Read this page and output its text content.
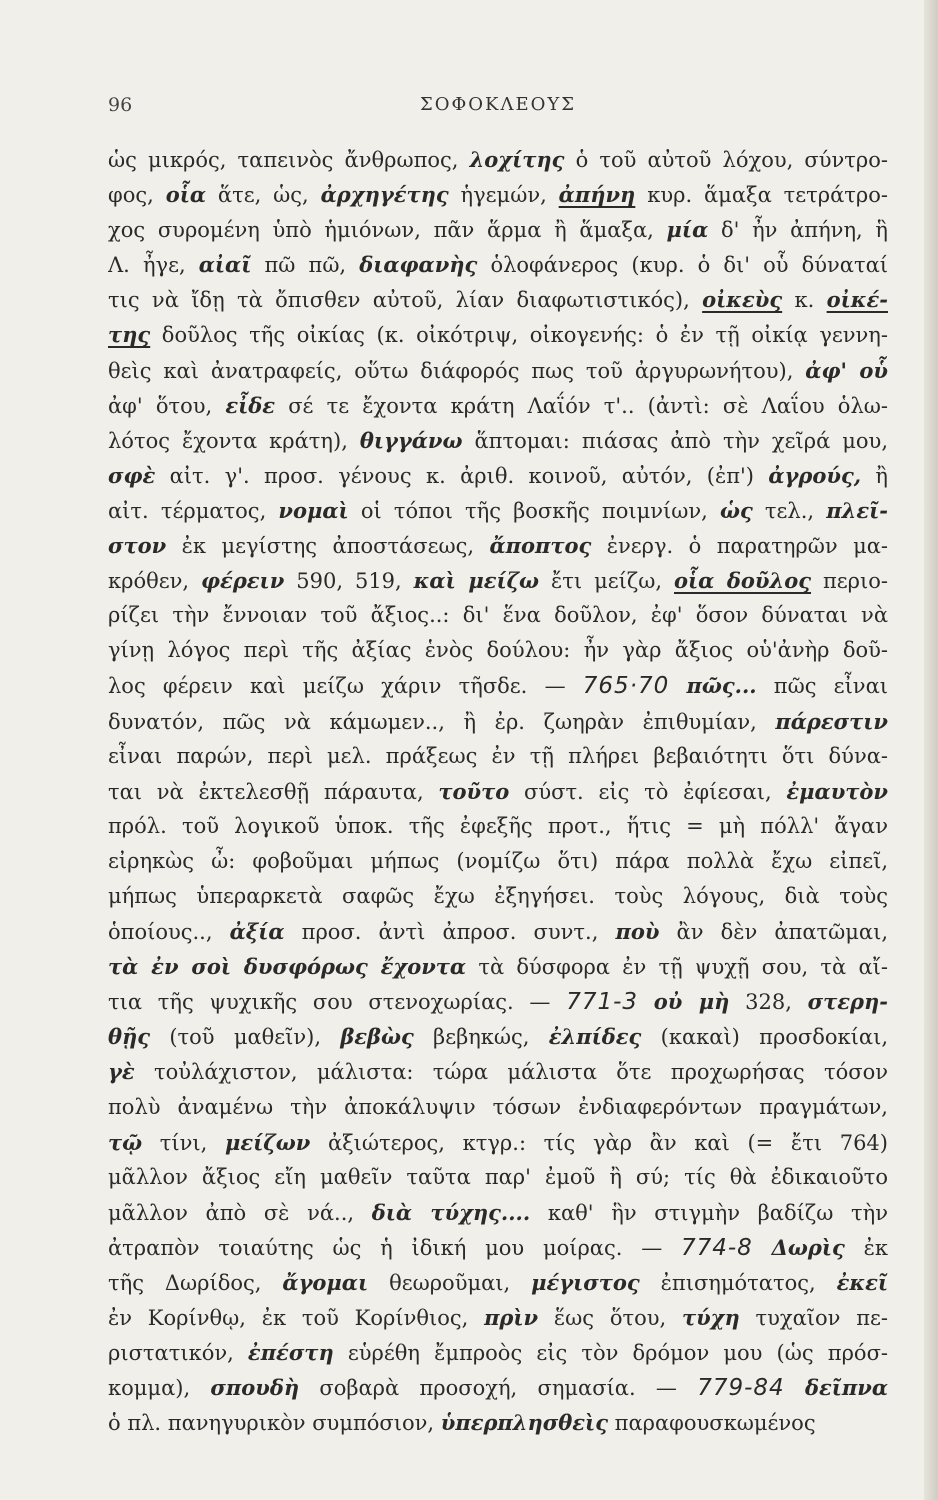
96	ΣΟΦΟΚΛΕΟΥΣ
ὡς μικρός, ταπεινὸς ἄνθρωπος, λοχίτης ὁ τοῦ αὐτοῦ λόχου, σύντρο-
φος, οἷα ἅτε, ὡς, ἀρχηγέτης ἡγεμών, ἀπήνη κυρ. ἅμαξα τετράτρο-
χος συρομένη ὑπὸ ἡμιόνων, πᾶν ἅρμα ἢ ἅμαξα, μία δ' ἦν ἀπήνη, ἣ
Λ. ἦγε, αἰαῖ πῶ πῶ, διαφανὴς ὁλοφάνερος (κυρ. ὁ δι' οὗ δύναταί
τις νὰ ἴδῃ τὰ ὄπισθεν αὐτοῦ, λίαν διαφωτιστικός), οἰκεὺς κ. οἰκέ-
της δοῦλος τῆς οἰκίας (κ. οἰκότριψ, οἰκογενής: ὁ ἐν τῇ οἰκίᾳ γεννη-
θεὶς καὶ ἀνατραφείς, οὕτω διάφορός πως τοῦ ἀργυρωνήτου), ἀφ' οὗ
ἀφ' ὅτου, εἶδε σέ τε ἔχοντα κράτη Λαΐόν τ'.. (ἀντὶ: σὲ Λαΐου ὁλω-
λότος ἔχοντα κράτη), θιγγάνω ἅπτομαι: πιάσας ἀπὸ τὴν χεῖρά μου,
σφὲ αἰτ. γ'. προσ. γένους κ. ἀριθ. κοινοῦ, αὐτόν, (ἐπ') ἀγρούς, ἢ
αἰτ. τέρματος, νομαὶ οἱ τόποι τῆς βοσκῆς ποιμνίων, ὡς τελ., πλεῖ-
στον ἐκ μεγίστης ἀποστάσεως, ἄποπτος ἐνεργ. ὁ παρατηρῶν μα-
κρόθεν, φέρειν 590, 519, καὶ μείζω ἔτι μείζω, οἷα δοῦλος περιο-
ρίζει τὴν ἔννοιαν τοῦ ἄξιος..: δι' ἕνα δοῦλον, ἐφ' ὅσον δύναται νὰ
γίνῃ λόγος περὶ τῆς ἀξίας ἑνὸς δούλου: ἦν γὰρ ἄξιος οὑ'ἀνὴρ δοῦ-
λος φέρειν καὶ μείζω χάριν τῆσδε. — 765·70 πῶς... πῶς εἶναι
δυνατόν, πῶς νὰ κάμωμεν.., ἢ ἐρ. ζωηρὰν ἐπιθυμίαν, πάρεστιν
εἶναι παρών, περὶ μελ. πράξεως ἐν τῇ πλήρει βεβαιότητι ὅτι δύνα-
ται νὰ ἐκτελεσθῇ πάραυτα, τοῦτο σύστ. εἰς τὸ ἐφίεσαι, ἐμαυτὸν
πρόλ. τοῦ λογικοῦ ὑποκ. τῆς ἐφεξῆς προτ., ἥτις = μὴ πόλλ' ἄγαν
εἰρηκὼς ὦ: φοβοῦμαι μήπως (νομίζω ὅτι) πάρα πολλὰ ἔχω εἰπεῖ,
μήπως ὑπεραρκετὰ σαφῶς ἔχω ἐξηγήσει. τοὺς λόγους, διὰ τοὺς
ὁποίους.., ἀξία προσ. ἀντὶ ἀπροσ. συντ., ποὺ ἂν δὲν ἀπατῶμαι,
τὰ ἐν σοὶ δυσφόρως ἔχοντα τὰ δύσφορα ἐν τῇ ψυχῇ σου, τὰ αἴ-
τια τῆς ψυχικῆς σου στενοχωρίας. — 771-3 οὐ μὴ 328, στερη-
θῇς (τοῦ μαθεῖν), βεβὼς βεβηκώς, ἐλπίδες (κακαὶ) προσδοκίαι,
γὲ τοὐλάχιστον, μάλιστα: τώρα μάλιστα ὅτε προχωρήσας τόσον
πολὺ ἀναμένω τὴν ἀποκάλυψιν τόσων ἐνδιαφερόντων πραγμάτων,
τῷ τίνι, μείζων ἀξιώτερος, κτγρ.: τίς γὰρ ἂν καὶ (= ἔτι 764)
μᾶλλον ἄξιος εἴη μαθεῖν ταῦτα παρ' ἐμοῦ ἢ σύ; τίς θὰ ἐδικαιοῦτο
μᾶλλον ἀπὸ σὲ νά.., διὰ τύχης.... καθ' ἣν στιγμὴν βαδίζω τὴν
ἀτραπὸν τοιαύτης ὡς ἡ ἰδική μου μοίρας. — 774-8 Δωρὶς ἐκ
τῆς Δωρίδος, ἄγομαι θεωροῦμαι, μέγιστος ἐπισημότατος, ἐκεῖ
ἐν Κορίνθῳ, ἐκ τοῦ Κορίνθιος, πρὶν ἕως ὅτου, τύχη τυχαῖον πε-
ριστατικόν, ἐπέστη εὑρέθη ἔμπροὸς εἰς τὸν δρόμον μου (ὡς πρόσ-
κομμα), σπουδὴ σοβαρὰ προσοχή, σημασία. — 779-84 δεῖπνα
ὁ πλ. πανηγυρικὸν συμπόσιον, ὑπερπλησθεὶς παραφουσκωμένος
